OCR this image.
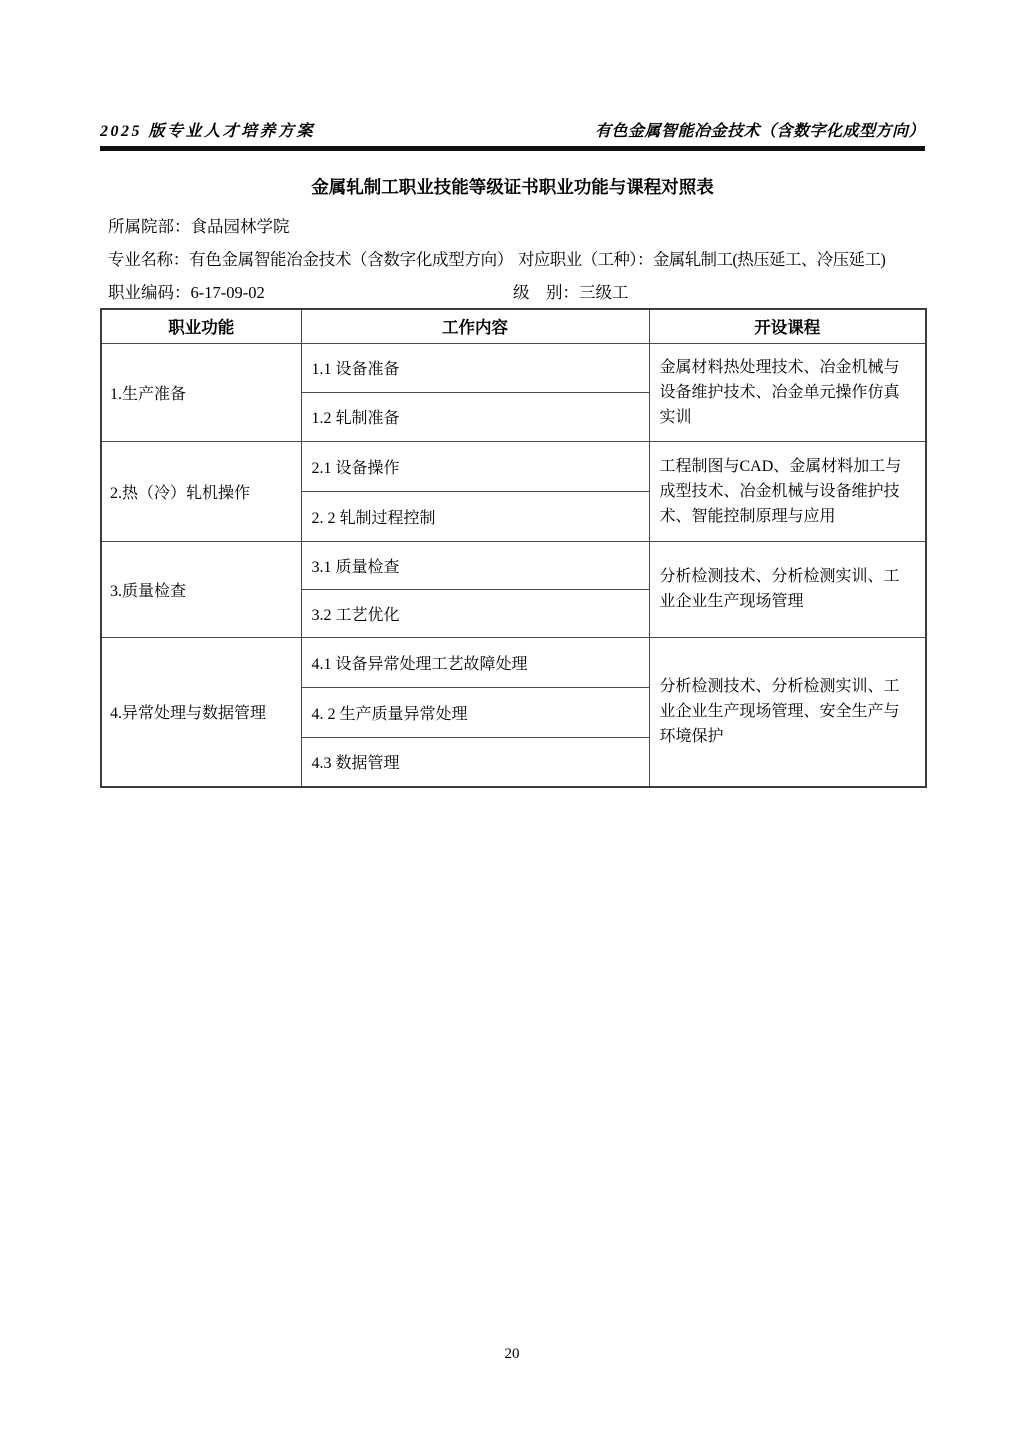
2025 版专业人才培养方案	有色金属智能冶金技术（含数字化成型方向）
金属轧制工职业技能等级证书职业功能与课程对照表
所属院部： 食品园林学院
专业名称：有色金属智能冶金技术（含数字化成型方向） 对应职业（工种）：金属轧制工(热压延工、冷压延工)
职业编码：6-17-09-02	级　别：三级工
职业功能	工作内容	开设课程
1.生产准备	1.1 设备准备	金属材料热处理技术、冶金机械与设备维护技术、冶金单元操作仿真实训
	1.2 轧制准备	
2.热（冷）轧机操作	2.1 设备操作	工程制图与CAD、金属材料加工与成型技术、冶金机械与设备维护技术、智能控制原理与应用
	2. 2 轧制过程控制	
3.质量检查	3.1 质量检查	分析检测技术、分析检测实训、工业企业生产现场管理
	3.2 工艺优化	
4.异常处理与数据管理	4.1 设备异常处理工艺故障处理	分析检测技术、分析检测实训、工业企业生产现场管理、安全生产与环境保护
	4. 2 生产质量异常处理	
	4.3 数据管理	
20
